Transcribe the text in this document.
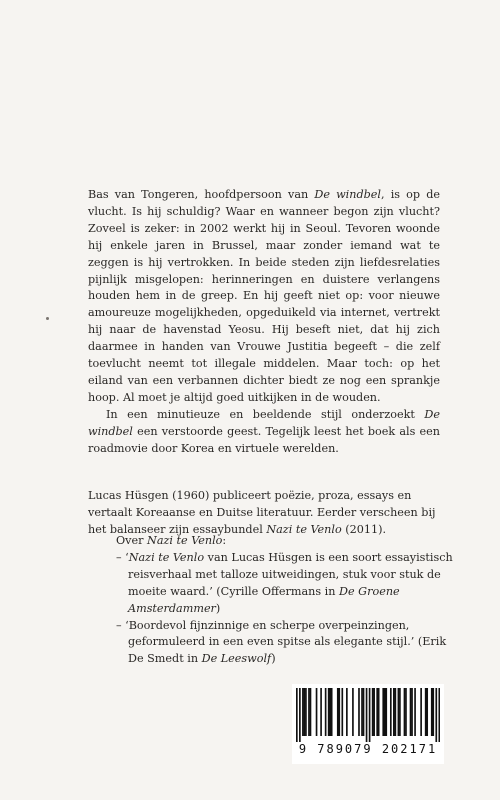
Bas van Tongeren, hoofdpersoon van De windbel, is op de vlucht. Is hij schuldig? Waar en wanneer begon zijn vlucht? Zoveel is zeker: in 2002 werkt hij in Seoul. Tevoren woonde hij enkele jaren in Brussel, maar zonder iemand wat te zeggen is hij vertrokken. In beide steden zijn liefdesrelaties pijnlijk misgelopen: herinneringen en duistere verlangens houden hem in de greep. En hij geeft niet op: voor nieuwe amoureuze mogelijkheden, opgeduikeld via internet, vertrekt hij naar de havenstad Yeosu. Hij beseft niet, dat hij zich daarmee in handen van Vrouwe Justitia begeeft – die zelf toevlucht neemt tot illegale middelen. Maar toch: op het eiland van een verbannen dichter biedt ze nog een sprankje hoop. Al moet je altijd goed uitkijken in de wouden.

In een minutieuze en beeldende stijl onderzoekt De windbel een verstoorde geest. Tegelijk leest het boek als een roadmovie door Korea en virtuele werelden.

Lucas Hüsgen (1960) publiceert poëzie, proza, essays en vertaalt Koreaanse en Duitse literatuur. Eerder verscheen bij het balanseer zijn essaybundel Nazi te Venlo (2011).

Over Nazi te Venlo:

– ‘Nazi te Venlo van Lucas Hüsgen is een soort essayistisch reisverhaal met talloze uitweidingen, stuk voor stuk de moeite waard.’ (Cyrille Offermans in De Groene Amsterdammer)

– ‘Boordevol fijnzinnige en scherpe overpeinzingen, geformuleerd in een even spitse als elegante stijl.’ (Erik De Smedt in De Leeswolf)

9 789079 202171
